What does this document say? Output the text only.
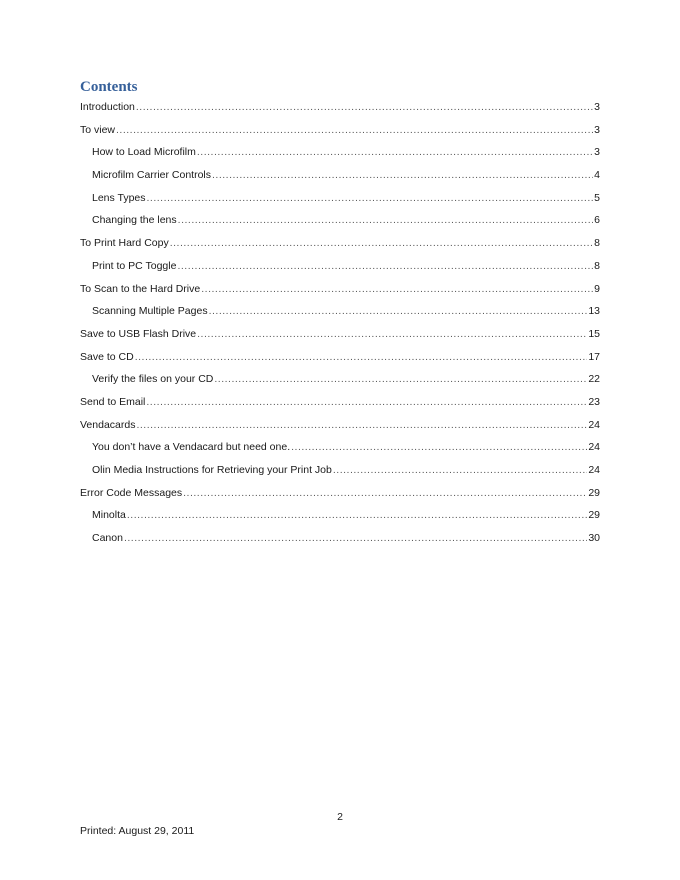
Contents
Introduction .....	3
To view .....	3
How to Load Microfilm .....	3
Microfilm Carrier Controls .....	4
Lens Types .....	5
Changing the lens .....	6
To Print Hard Copy .....	8
Print to PC Toggle .....	8
To Scan to the Hard Drive .....	9
Scanning Multiple Pages .....	13
Save to USB Flash Drive .....	15
Save to CD .....	17
Verify the files on your CD .....	22
Send to Email .....	23
Vendacards .....	24
You don’t have a Vendacard but need one. .....	24
Olin Media Instructions for Retrieving your Print Job .....	24
Error Code Messages .....	29
Minolta .....	29
Canon .....	30
2
Printed: August 29, 2011
